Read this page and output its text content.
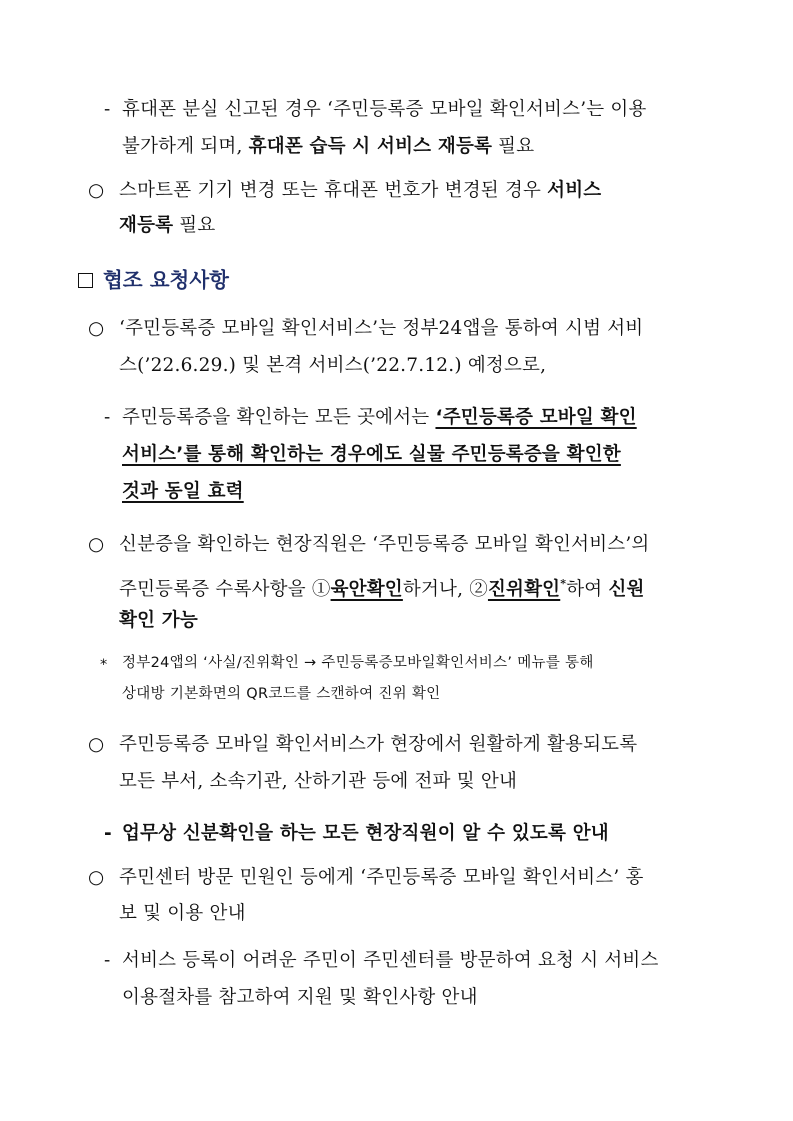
- 휴대폰 분실 신고된 경우 ‘주민등록증 모바일 확인서비스’는 이용
불가하게 되며, 휴대폰 습득 시 서비스 재등록 필요
○ 스마트폰 기기 변경 또는 휴대폰 번호가 변경된 경우 서비스
재등록 필요
협조 요청사항
○ ‘주민등록증 모바일 확인서비스’는 정부24앱을 통하여 시범 서비
스(’22.6.29.) 및 본격 서비스(’22.7.12.) 예정으로,
- 주민등록증을 확인하는 모든 곳에서는 ‘주민등록증 모바일 확인
서비스’를 통해 확인하는 경우에도 실물 주민등록증을 확인한
것과 동일 효력
○ 신분증을 확인하는 현장직원은 ‘주민등록증 모바일 확인서비스’의
주민등록증 수록사항을 ①육안확인하거나, ②진위확인*하여 신원
확인 가능
* 정부24앱의 ‘사실/진위확인 → 주민등록증모바일확인서비스’ 메뉴를 통해
상대방 기본화면의 QR코드를 스캔하여 진위 확인
○ 주민등록증 모바일 확인서비스가 현장에서 원활하게 활용되도록
모든 부서, 소속기관, 산하기관 등에 전파 및 안내
- 업무상 신분확인을 하는 모든 현장직원이 알 수 있도록 안내
○ 주민센터 방문 민원인 등에게 ‘주민등록증 모바일 확인서비스’ 홍
보 및 이용 안내
- 서비스 등록이 어려운 주민이 주민센터를 방문하여 요청 시 서비스
이용절차를 참고하여 지원 및 확인사항 안내
